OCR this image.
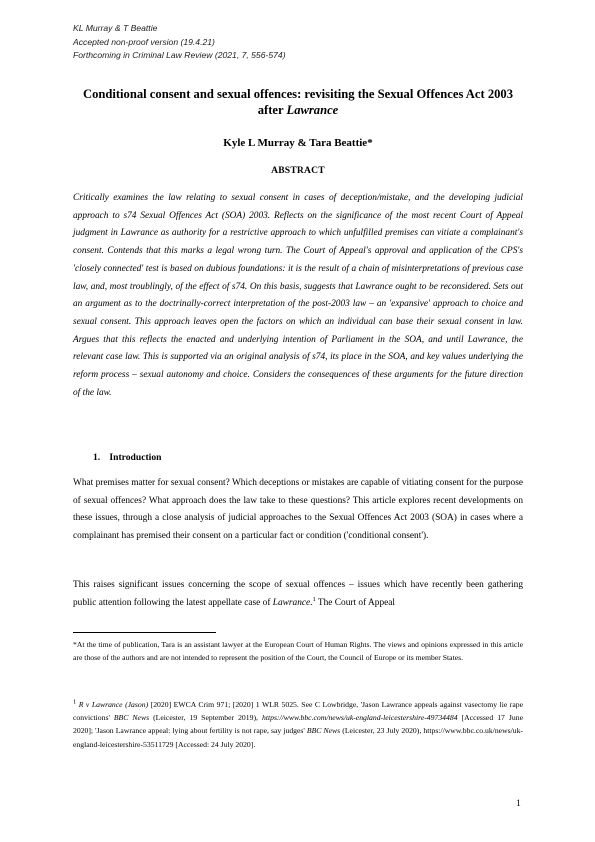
KL Murray & T Beattie
Accepted non-proof version (19.4.21)
Forthcoming in Criminal Law Review (2021, 7, 556-574)
Conditional consent and sexual offences: revisiting the Sexual Offences Act 2003 after Lawrance
Kyle L Murray & Tara Beattie*
ABSTRACT

Critically examines the law relating to sexual consent in cases of deception/mistake, and the developing judicial approach to s74 Sexual Offences Act (SOA) 2003. Reflects on the significance of the most recent Court of Appeal judgment in Lawrance as authority for a restrictive approach to which unfulfilled premises can vitiate a complainant's consent. Contends that this marks a legal wrong turn. The Court of Appeal's approval and application of the CPS's 'closely connected' test is based on dubious foundations: it is the result of a chain of misinterpretations of previous case law, and, most troublingly, of the effect of s74. On this basis, suggests that Lawrance ought to be reconsidered. Sets out an argument as to the doctrinally-correct interpretation of the post-2003 law – an 'expansive' approach to choice and sexual consent. This approach leaves open the factors on which an individual can base their sexual consent in law. Argues that this reflects the enacted and underlying intention of Parliament in the SOA, and until Lawrance, the relevant case law. This is supported via an original analysis of s74, its place in the SOA, and key values underlying the reform process – sexual autonomy and choice. Considers the consequences of these arguments for the future direction of the law.

1. Introduction

What premises matter for sexual consent? Which deceptions or mistakes are capable of vitiating consent for the purpose of sexual offences? What approach does the law take to these questions? This article explores recent developments on these issues, through a close analysis of judicial approaches to the Sexual Offences Act 2003 (SOA) in cases where a complainant has premised their consent on a particular fact or condition ('conditional consent').

This raises significant issues concerning the scope of sexual offences – issues which have recently been gathering public attention following the latest appellate case of Lawrance.$^1$ The Court of Appeal

*At the time of publication, Tara is an assistant lawyer at the European Court of Human Rights. The views and opinions expressed in this article are those of the authors and are not intended to represent the position of the Court, the Council of Europe or its member States.

$^1$ R v Lawrance (Jason) [2020] EWCA Crim 971; [2020] 1 WLR 5025. See C Lowbridge, 'Jason Lawrance appeals against vasectomy lie rape convictions' BBC News (Leicester, 19 September 2019), https://www.bbc.com/news/uk-england-leicestershire-49734484 [Accessed 17 June 2020]; 'Jason Lawrance appeal: lying about fertility is not rape, say judges' BBC News (Leicester, 23 July 2020), https://www.bbc.co.uk/news/uk-england-leicestershire-53511729 [Accessed: 24 July 2020].

1
